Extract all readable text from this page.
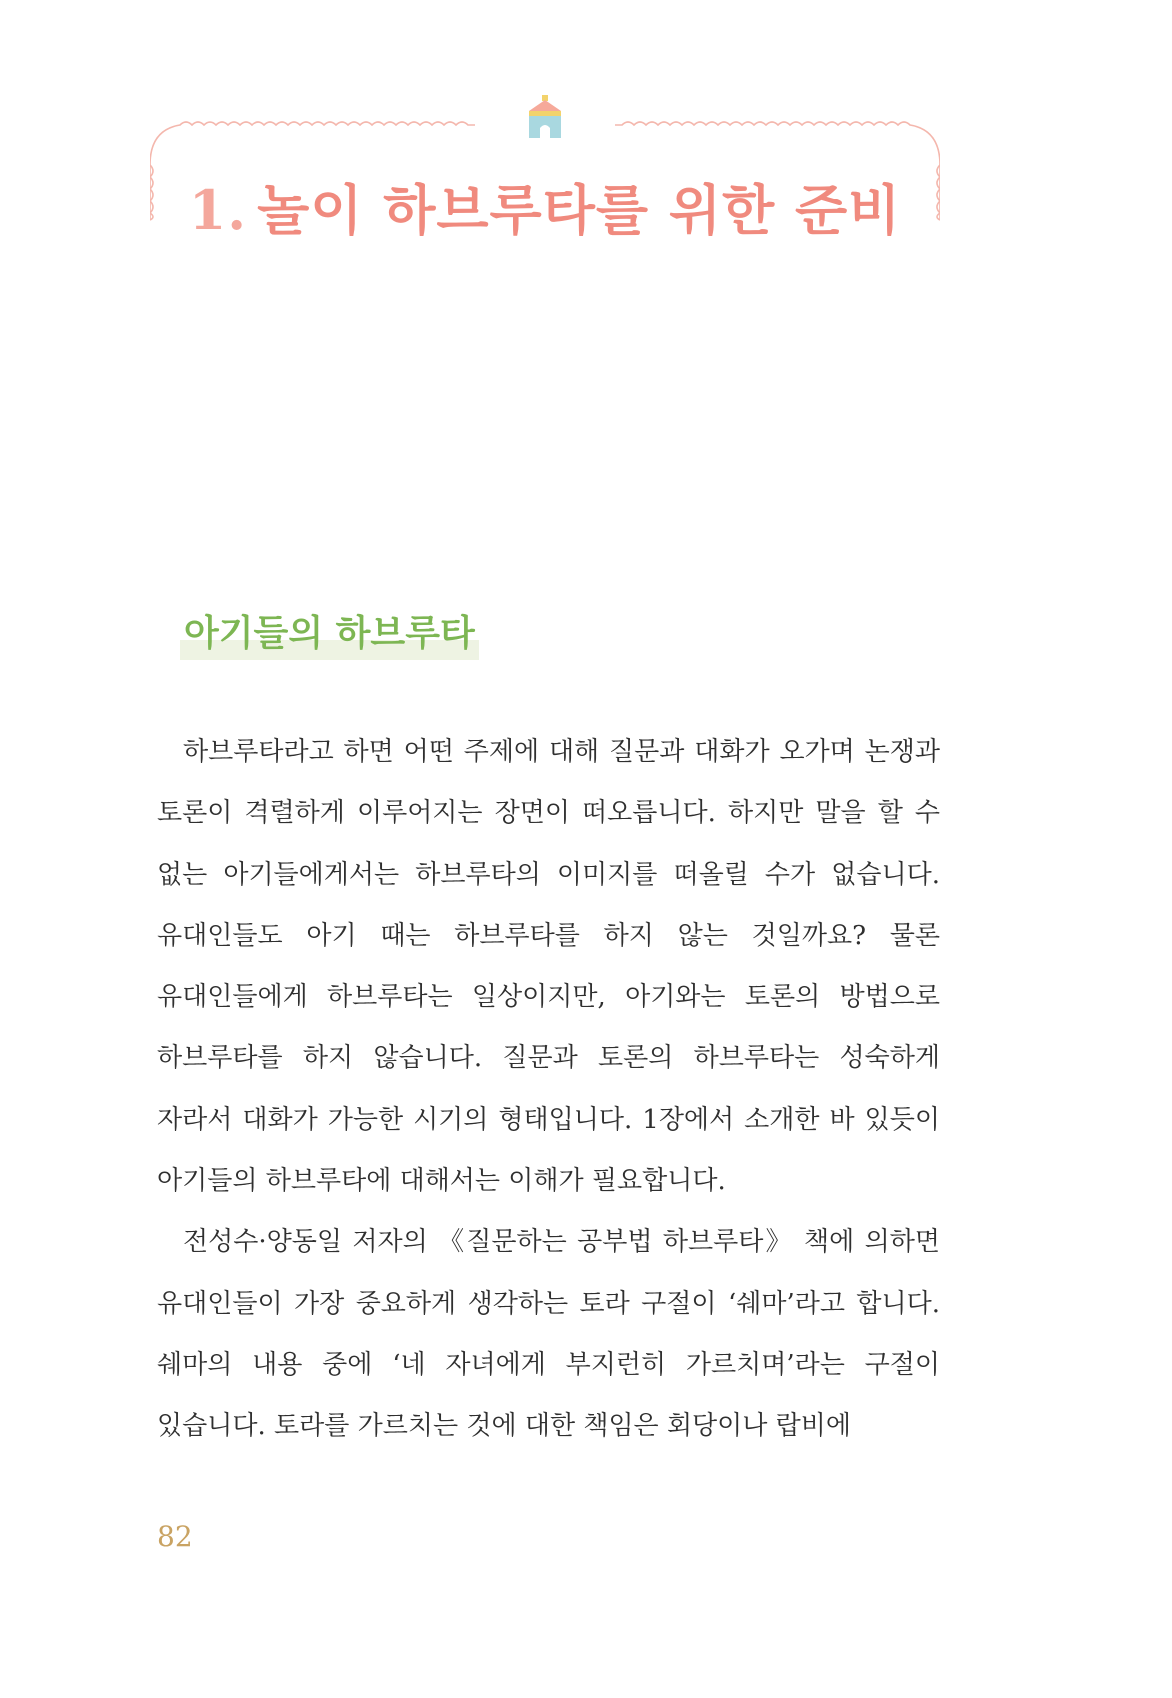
1. 놀이 하브루타를 위한 준비
아기들의 하브루타

하브루타라고 하면 어떤 주제에 대해 질문과 대화가 오가며 논쟁과 토론이 격렬하게 이루어지는 장면이 떠오릅니다. 하지만 말을 할 수 없는 아기들에게서는 하브루타의 이미지를 떠올릴 수가 없습니다. 유대인들도 아기 때는 하브루타를 하지 않는 것일까요? 물론 유대인들에게 하브루타는 일상이지만, 아기와는 토론의 방법으로 하브루타를 하지 않습니다. 질문과 토론의 하브루타는 성숙하게 자라서 대화가 가능한 시기의 형태입니다. 1장에서 소개한 바 있듯이 아기들의 하브루타에 대해서는 이해가 필요합니다.

전성수·양동일 저자의 《질문하는 공부법 하브루타》 책에 의하면 유대인들이 가장 중요하게 생각하는 토라 구절이 ‘쉐마’라고 합니다. 쉐마의 내용 중에 ‘네 자녀에게 부지런히 가르치며’라는 구절이 있습니다. 토라를 가르치는 것에 대한 책임은 회당이나 랍비에

82
